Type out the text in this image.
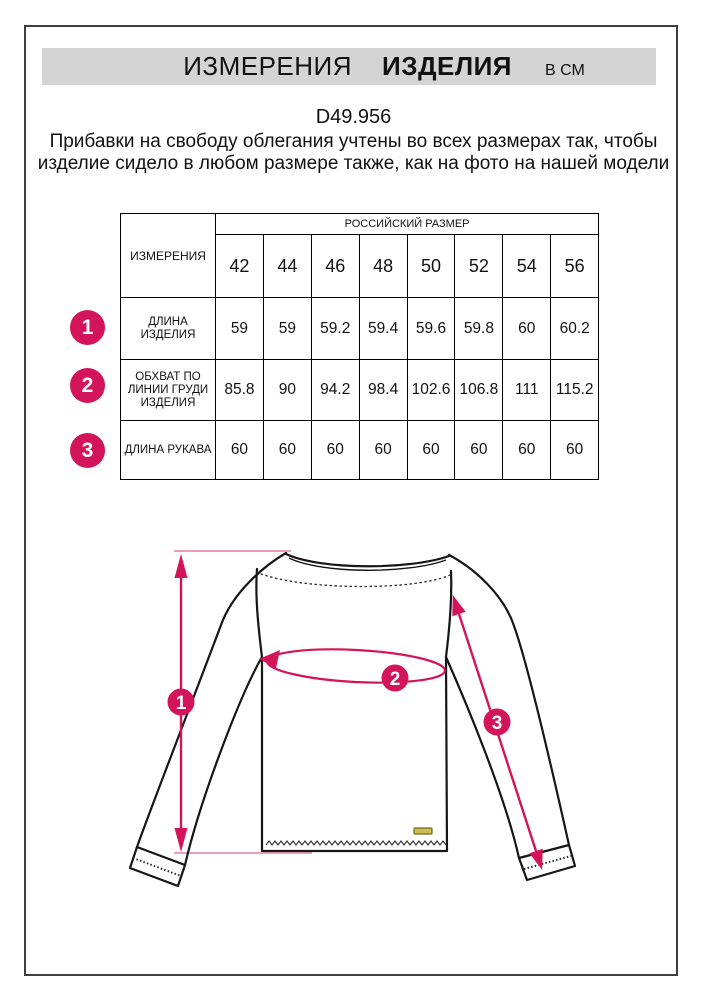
ИЗМЕРЕНИЯ ИЗДЕЛИЯ В СМ
D49.956
Прибавки на свободу облегания учтены во всех размерах так, чтобы изделие сидело в любом размере также, как на фото на нашей модели
ИЗМЕРЕНИЯ	РОССИЙСКИЙ РАЗМЕР							
	42	44	46	48	50	52	54	56
ДЛИНА ИЗДЕЛИЯ	59	59	59.2	59.4	59.6	59.8	60	60.2
ОБХВАТ ПО ЛИНИИ ГРУДИ ИЗДЕЛИЯ	85.8	90	94.2	98.4	102.6	106.8	111	115.2
ДЛИНА РУКАВА	60	60	60	60	60	60	60	60
1
2
3
1
2
3
